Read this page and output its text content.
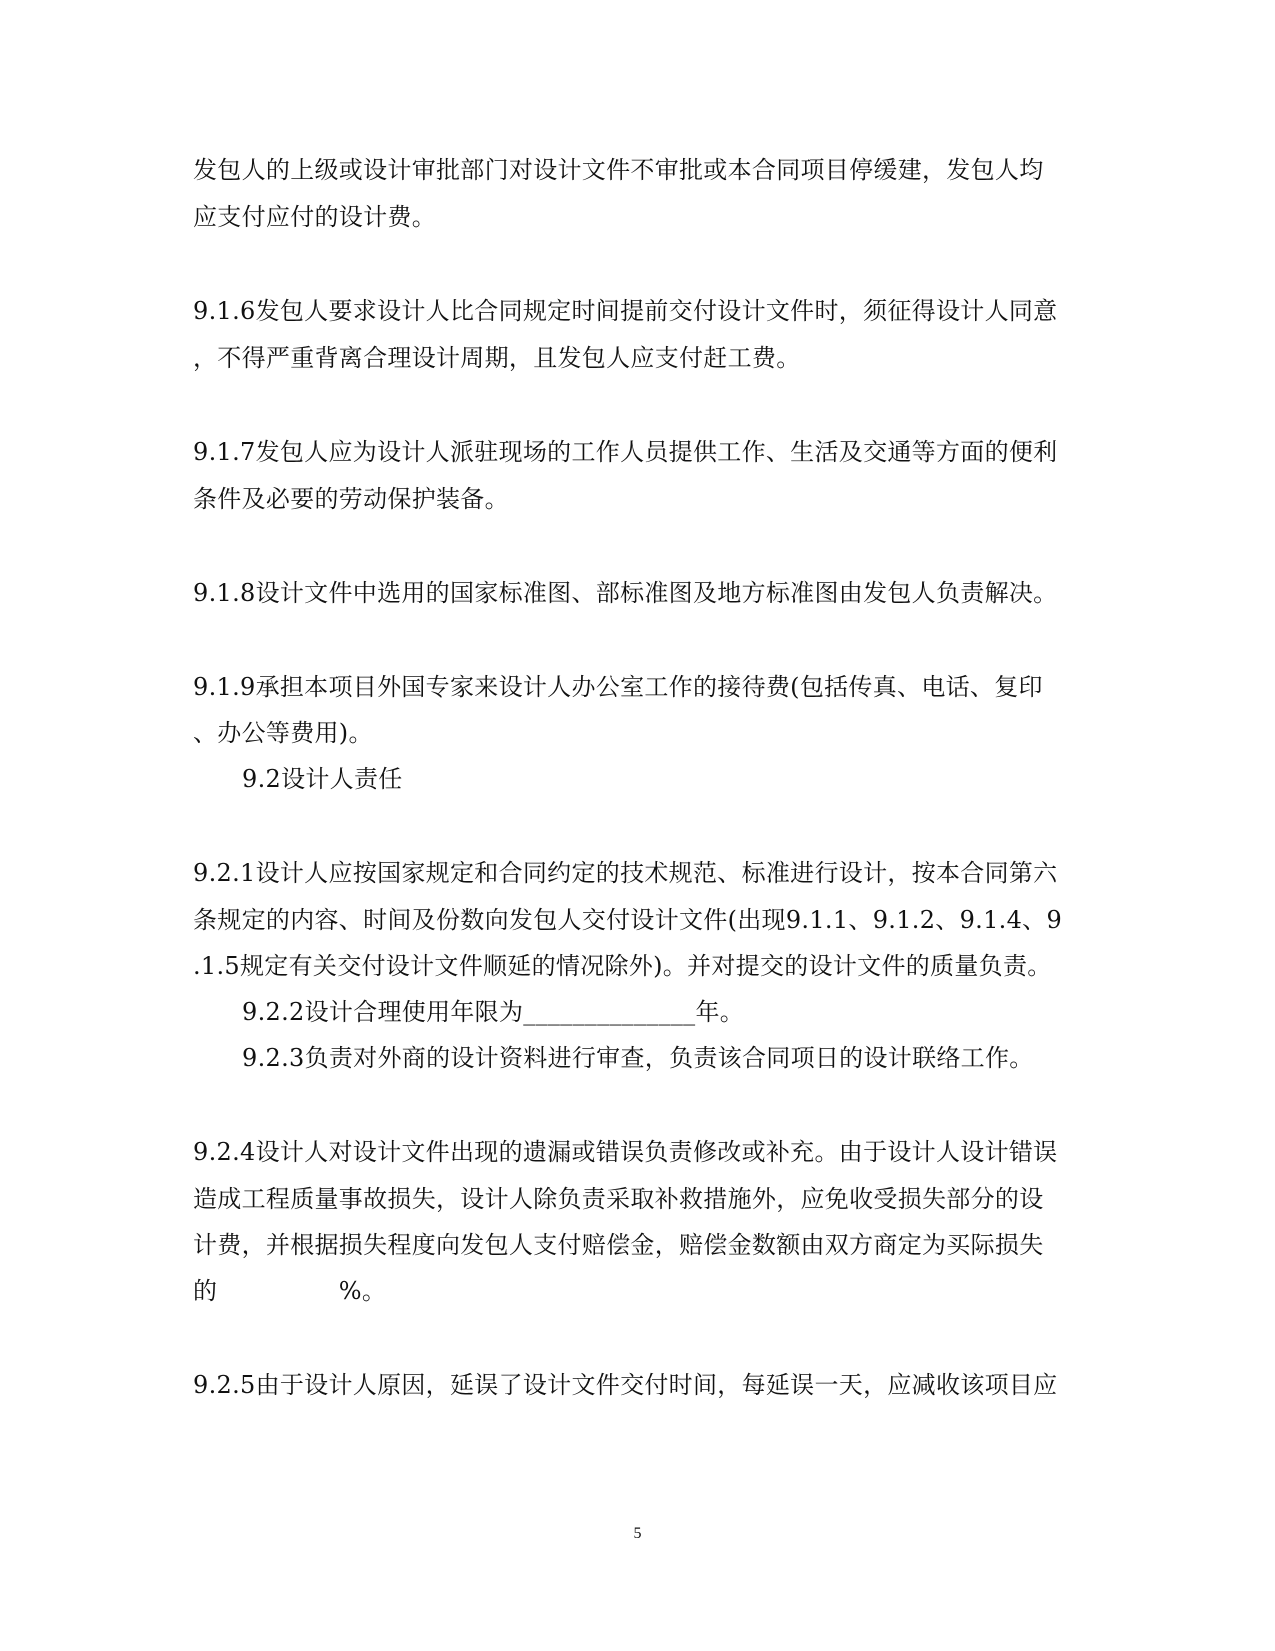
发包人的上级或设计审批部门对设计文件不审批或本合同项目停缓建，发包人均
应支付应付的设计费。
9.1.6发包人要求设计人比合同规定时间提前交付设计文件时，须征得设计人同意
，不得严重背离合理设计周期，且发包人应支付赶工费。
9.1.7发包人应为设计人派驻现场的工作人员提供工作、生活及交通等方面的便利
条件及必要的劳动保护装备。
9.1.8设计文件中选用的国家标准图、部标准图及地方标准图由发包人负责解决。
9.1.9承担本项目外国专家来设计人办公室工作的接待费(包括传真、电话、复印
、办公等费用)。
9.2设计人责任
9.2.1设计人应按国家规定和合同约定的技术规范、标准进行设计，按本合同第六
条规定的内容、时间及份数向发包人交付设计文件(出现9.1.1、9.1.2、9.1.4、9
.1.5规定有关交付设计文件顺延的情况除外)。并对提交的设计文件的质量负责。
9.2.2设计合理使用年限为______________年。
9.2.3负责对外商的设计资料进行审查，负责该合同项日的设计联络工作。
9.2.4设计人对设计文件出现的遗漏或错误负责修改或补充。由于设计人设计错误
造成工程质量事故损失，设计人除负责采取补救措施外，应免收受损失部分的设
计费，并根据损失程度向发包人支付赔偿金，赔偿金数额由双方商定为买际损失
的　　　　　%。
9.2.5由于设计人原因，延误了设计文件交付时间，每延误一天，应减收该项目应
5
